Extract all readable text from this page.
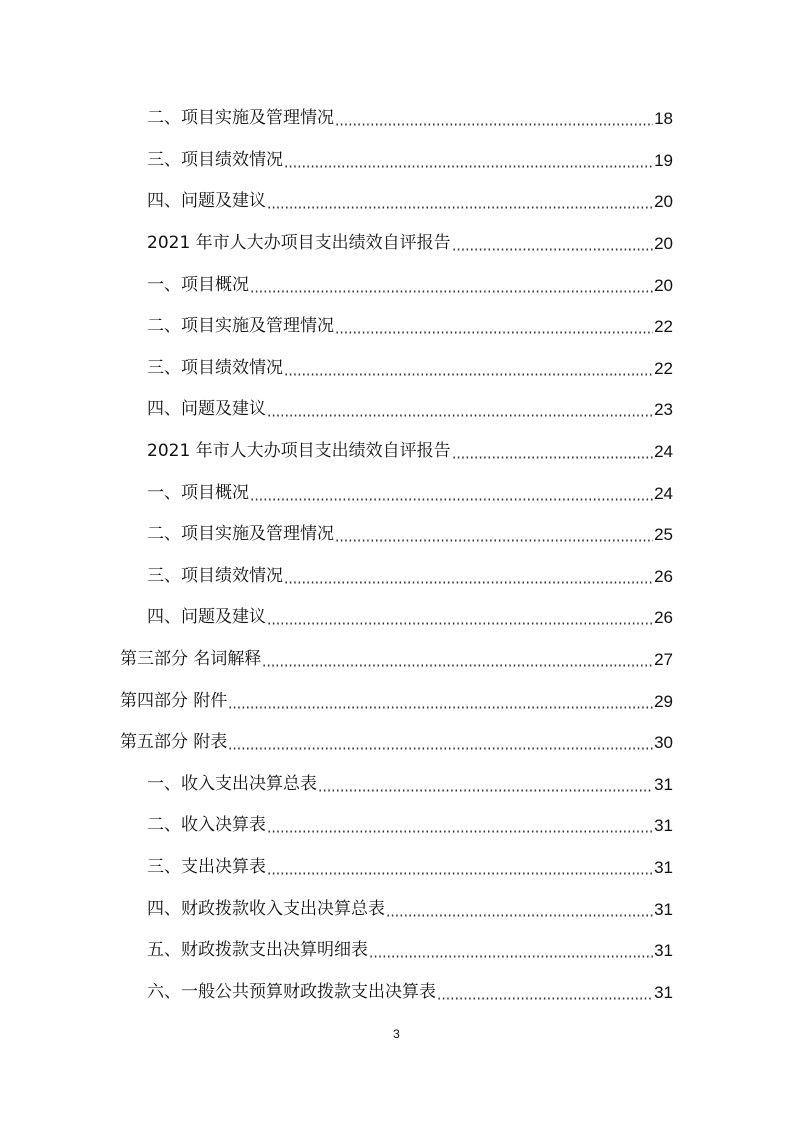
二、项目实施及管理情况	18
三、项目绩效情况	19
四、问题及建议	20
2021 年市人大办项目支出绩效自评报告	20
一、项目概况	20
二、项目实施及管理情况	22
三、项目绩效情况	22
四、问题及建议	23
2021 年市人大办项目支出绩效自评报告	24
一、项目概况	24
二、项目实施及管理情况	25
三、项目绩效情况	26
四、问题及建议	26
第三部分 名词解释	27
第四部分 附件	29
第五部分 附表	30
一、收入支出决算总表	31
二、收入决算表	31
三、支出决算表	31
四、财政拨款收入支出决算总表	31
五、财政拨款支出决算明细表	31
六、一般公共预算财政拨款支出决算表	31
3
